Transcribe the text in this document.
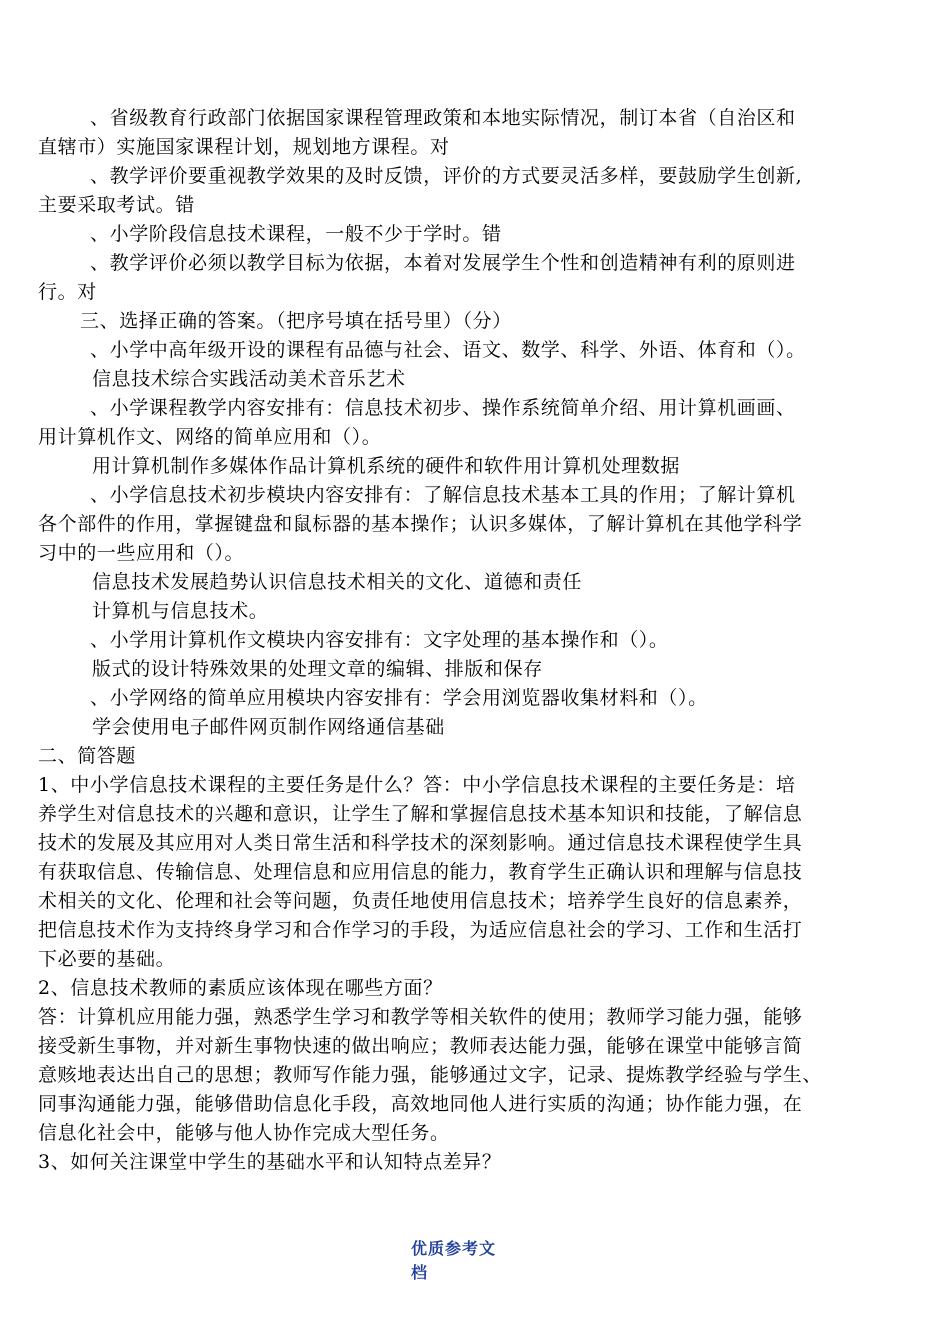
、省级教育行政部门依据国家课程管理政策和本地实际情况，制订本省（自治区和
直辖市）实施国家课程计划，规划地方课程。对
、教学评价要重视教学效果的及时反馈，评价的方式要灵活多样，要鼓励学生创新,
主要采取考试。错
、小学阶段信息技术课程，一般不少于学时。错
、教学评价必须以教学目标为依据，本着对发展学生个性和创造精神有利的原则进
行。对
三、选择正确的答案。（把序号填在括号里）（分）
、小学中高年级开设的课程有品德与社会、语文、数学、科学、外语、体育和（）。
信息技术综合实践活动美术音乐艺术
、小学课程教学内容安排有：信息技术初步、操作系统简单介绍、用计算机画画、
用计算机作文、网络的简单应用和（）。
用计算机制作多媒体作品计算机系统的硬件和软件用计算机处理数据
、小学信息技术初步模块内容安排有：了解信息技术基本工具的作用；了解计算机
各个部件的作用，掌握键盘和鼠标器的基本操作；认识多媒体，了解计算机在其他学科学
习中的一些应用和（）。
信息技术发展趋势认识信息技术相关的文化、道德和责任
计算机与信息技术。
、小学用计算机作文模块内容安排有：文字处理的基本操作和（）。
版式的设计特殊效果的处理文章的编辑、排版和保存
、小学网络的简单应用模块内容安排有：学会用浏览器收集材料和（）。
学会使用电子邮件网页制作网络通信基础
二、简答题
1、中小学信息技术课程的主要任务是什么？答：中小学信息技术课程的主要任务是：培
养学生对信息技术的兴趣和意识，让学生了解和掌握信息技术基本知识和技能，了解信息
技术的发展及其应用对人类日常生活和科学技术的深刻影响。通过信息技术课程使学生具
有获取信息、传输信息、处理信息和应用信息的能力，教育学生正确认识和理解与信息技
术相关的文化、伦理和社会等问题，负责任地使用信息技术；培养学生良好的信息素养，
把信息技术作为支持终身学习和合作学习的手段，为适应信息社会的学习、工作和生活打
下必要的基础。
2、信息技术教师的素质应该体现在哪些方面？
答：计算机应用能力强，熟悉学生学习和教学等相关软件的使用；教师学习能力强，能够
接受新生事物，并对新生事物快速的做出响应；教师表达能力强，能够在课堂中能够言简
意赅地表达出自己的思想；教师写作能力强，能够通过文字，记录、提炼教学经验与学生、
同事沟通能力强，能够借助信息化手段，高效地同他人进行实质的沟通；协作能力强，在
信息化社会中，能够与他人协作完成大型任务。
3、如何关注课堂中学生的基础水平和认知特点差异？
优质参考文
档
